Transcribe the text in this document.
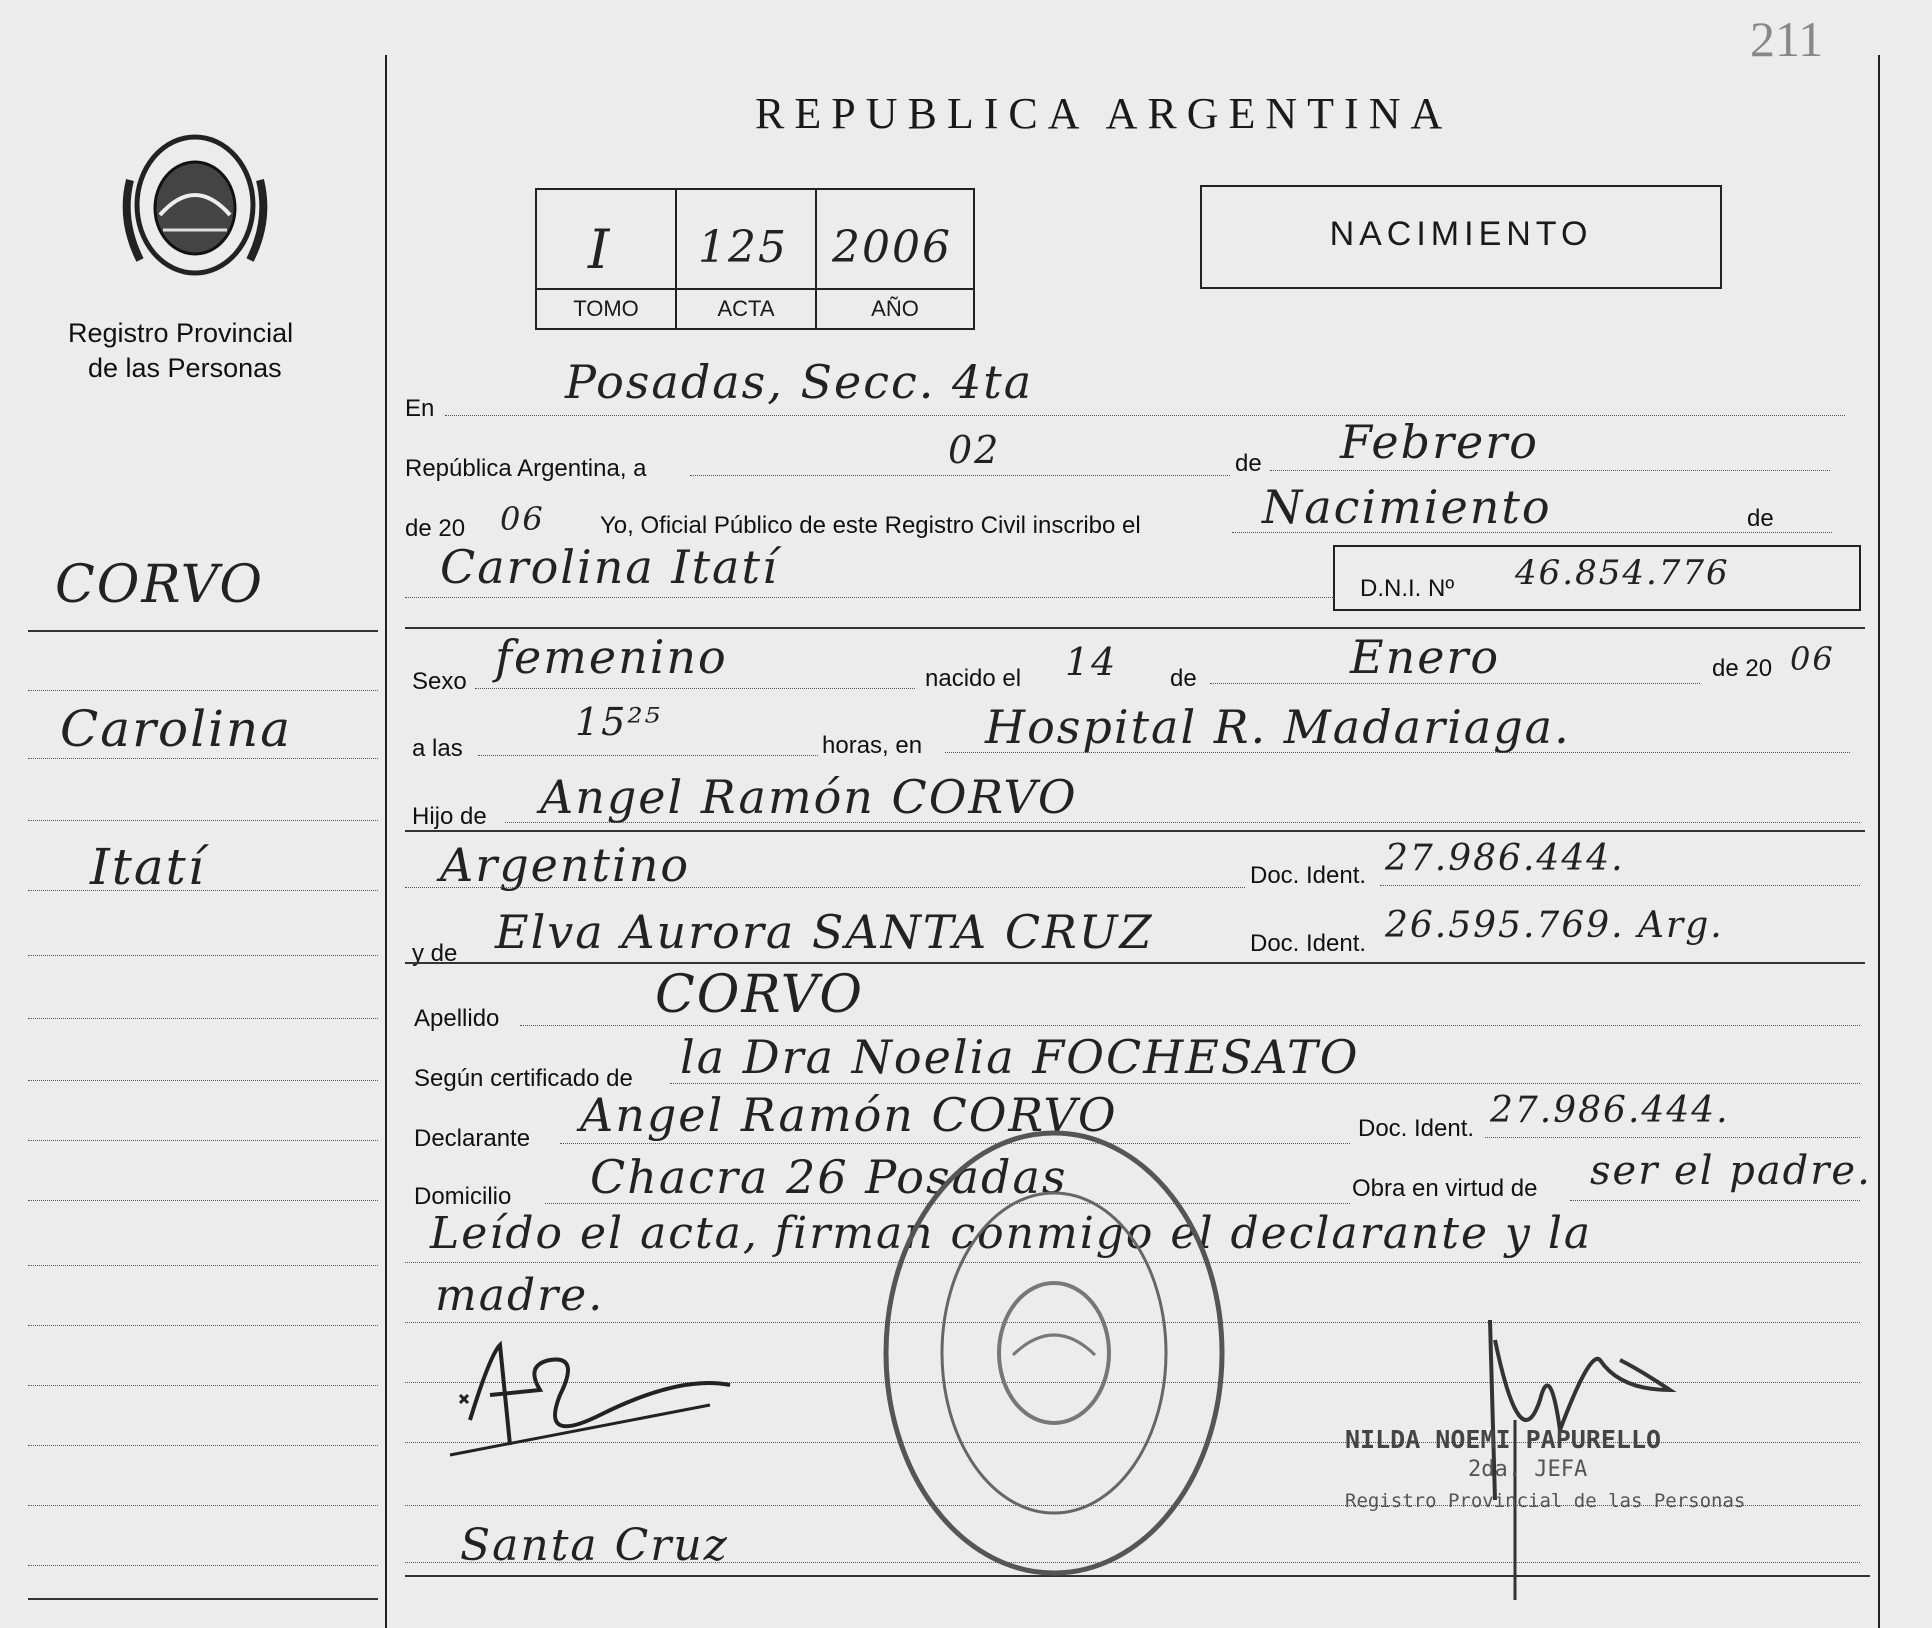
211
Registro Provincial
de las Personas
REPUBLICA ARGENTINA
I 125 2006
TOMO	ACTA	AÑO
NACIMIENTO
CORVO
Carolina
Itatí
En	Posadas, Secc. 4ta
República Argentina, a	02	de Febrero
de 20 06 Yo, Oficial Público de este Registro Civil inscribo el	Nacimiento	de
Carolina Itatí	D.N.I. Nº 46.854.776
Sexo femenino	nacido el 14 de	Enero	de 20 06
a las
15²⁵
horas, en Hospital R. Madariaga.
Hijo de Angel Ramón CORVO
Argentino	Doc. Ident. 27.986.444.
y de Elva Aurora SANTA CRUZ	Doc. Ident. 26.595.769. Arg.
Apellido	CORVO
Según certificado de la Dra Noelia FOCHESATO
Declarante Angel Ramón CORVO	Doc. Ident. 27.986.444.
Domicilio Chacra 26 Posadas	Obra en virtud de ser el padre.
Leído el acta, firman conmigo el declarante y la
madre.
Santa Cruz
NILDA NOEMI PAPURELLO
2da. JEFA
Registro Provincial de las Personas
